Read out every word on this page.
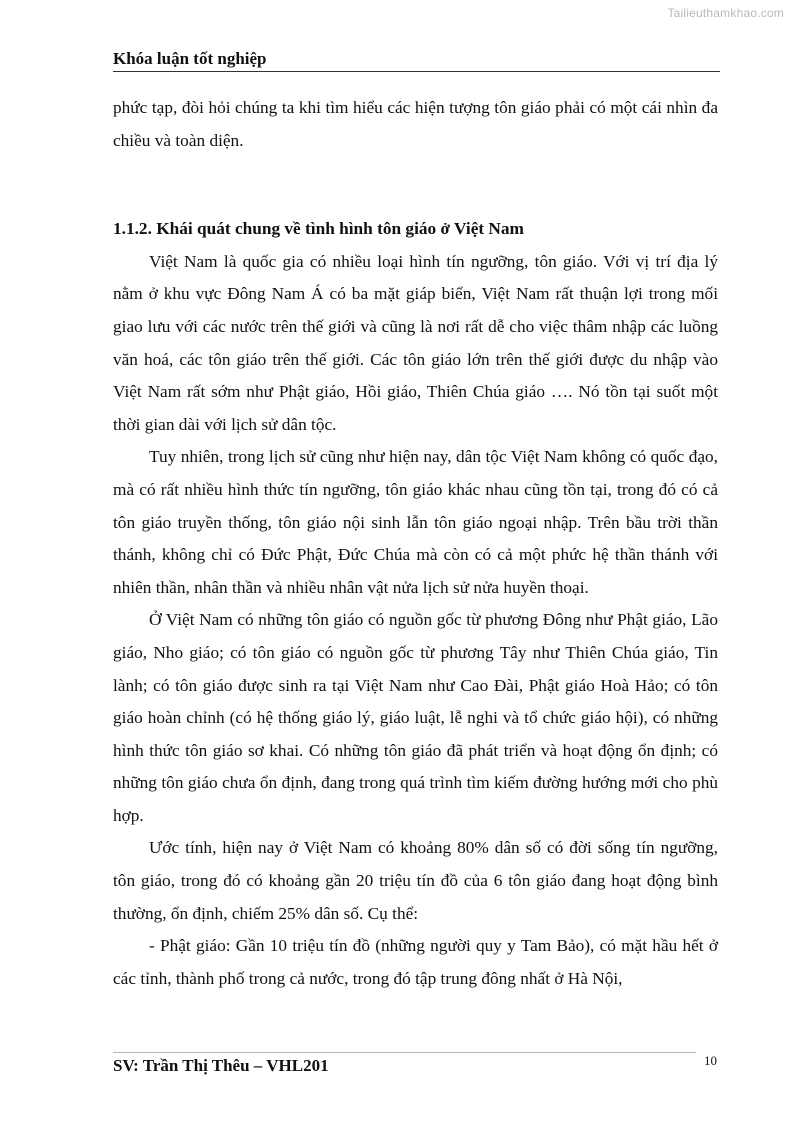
Tailieuthamkhao.com
Khóa luận tốt nghiệp

phức tạp, đòi hỏi chúng ta khi tìm hiểu các hiện tượng tôn giáo phải có một cái nhìn đa chiều và toàn diện.

1.1.2. Khái quát chung về tình hình tôn giáo ở Việt Nam

Việt Nam là quốc gia có nhiều loại hình tín ngưỡng, tôn giáo. Với vị trí địa lý nằm ở khu vực Đông Nam Á có ba mặt giáp biển, Việt Nam rất thuận lợi trong mối giao lưu với các nước trên thế giới và cũng là nơi rất dễ cho việc thâm nhập các luồng văn hoá, các tôn giáo trên thế giới. Các tôn giáo lớn trên thế giới được du nhập vào Việt Nam rất sớm như Phật giáo, Hồi giáo, Thiên Chúa giáo …. Nó tồn tại suốt một thời gian dài với lịch sử dân tộc.

Tuy nhiên, trong lịch sử cũng như hiện nay, dân tộc Việt Nam không có quốc đạo, mà có rất nhiều hình thức tín ngưỡng, tôn giáo khác nhau cũng tồn tại, trong đó có cả tôn giáo truyền thống, tôn giáo nội sinh lẫn tôn giáo ngoại nhập. Trên bầu trời thần thánh, không chỉ có Đức Phật, Đức Chúa mà còn có cả một phức hệ thần thánh với nhiên thần, nhân thần và nhiều nhân vật nửa lịch sử nửa huyền thoại.

Ở Việt Nam có những tôn giáo có nguồn gốc từ phương Đông như Phật giáo, Lão giáo, Nho giáo; có tôn giáo có nguồn gốc từ phương Tây như Thiên Chúa giáo, Tin lành; có tôn giáo được sinh ra tại Việt Nam như Cao Đài, Phật giáo Hoà Hảo; có tôn giáo hoàn chỉnh (có hệ thống giáo lý, giáo luật, lễ nghi và tổ chức giáo hội), có những hình thức tôn giáo sơ khai. Có những tôn giáo đã phát triển và hoạt động ổn định; có những tôn giáo chưa ổn định, đang trong quá trình tìm kiếm đường hướng mới cho phù hợp.

Ước tính, hiện nay ở Việt Nam có khoảng 80% dân số có đời sống tín ngưỡng, tôn giáo, trong đó có khoảng gần 20 triệu tín đồ của 6 tôn giáo đang hoạt động bình thường, ổn định, chiếm 25% dân số. Cụ thể:

- Phật giáo: Gần 10 triệu tín đồ (những người quy y Tam Bảo), có mặt hầu hết ở các tỉnh, thành phố trong cả nước, trong đó tập trung đông nhất ở Hà Nội,

SV: Trần Thị Thêu – VHL201	10
